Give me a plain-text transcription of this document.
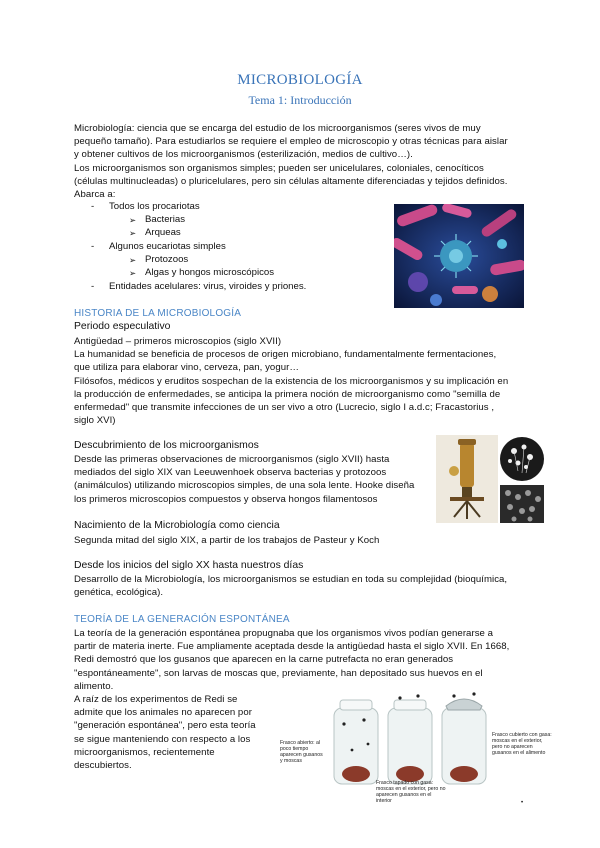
MICROBIOLOGÍA
Tema 1: Introducción
Microbiología: ciencia que se encarga del estudio de los microorganismos (seres vivos de muy
pequeño tamaño). Para estudiarlos se requiere el empleo de microscopio y otras técnicas para aislar
y obtener cultivos de los microorganismos (esterilización, medios de cultivo…).
Los microorganismos son organismos simples; pueden ser unicelulares, coloniales, cenocíticos
(células multinucleadas) o pluricelulares, pero sin células altamente diferenciadas y tejidos definidos.
Abarca a:
- Todos los procariotas
➢ Bacterias
➢ Arqueas
- Algunos eucariotas simples
➢ Protozoos
➢ Algas y hongos microscópicos
- Entidades acelulares: virus, viroides y priones.
HISTORIA DE LA MICROBIOLOGÍA
Periodo especulativo
Antigüedad – primeros microscopios (siglo XVII)
La humanidad se beneficia de procesos de origen microbiano, fundamentalmente fermentaciones,
que utiliza para elaborar vino, cerveza, pan, yogur…
Filósofos, médicos y eruditos sospechan de la existencia de los microorganismos y su implicación en
la producción de enfermedades, se anticipa la primera noción de microorganismo como "semilla de
enfermedad" que transmite infecciones de un ser vivo a otro (Lucrecio, siglo I a.d.c; Fracastorius ,
siglo XVI)
Descubrimiento de los microorganismos
Desde las primeras observaciones de microorganismos (siglo XVII) hasta
mediados del siglo XIX van Leeuwenhoek observa bacterias y protozoos
(animálculos) utilizando microscopios simples, de una sola lente. Hooke diseña
los primeros microscopios compuestos y observa hongos filamentosos
Nacimiento de la Microbiología como ciencia
Segunda mitad del siglo XIX, a partir de los trabajos de Pasteur y Koch
Desde los inicios del siglo XX hasta nuestros días
Desarrollo de la Microbiología, los microorganismos se estudian en toda su complejidad (bioquímica,
genética, ecológica).
TEORÍA DE LA GENERACIÓN ESPONTÁNEA
La teoría de la generación espontánea propugnaba que los organismos vivos podían generarse a
partir de materia inerte. Fue ampliamente aceptada desde la antigüedad hasta el siglo XVII. En 1668,
Redi demostró que los gusanos que aparecen en la carne putrefacta no eran generados
"espontáneamente", son larvas de moscas que, previamente, han depositado sus huevos en el
alimento.
A raíz de los experimentos de Redi se
admite que los animales no aparecen por
"generación espontánea", pero esta teoría
se sigue manteniendo con respecto a los
microorganismos, recientemente
descubiertos.
Frasco abierto: al poco tiempo aparecen gusanos y moscas
Frasco tapado con gasa: moscas en el exterior, pero no aparecen gusanos en el interior
Frasco cubierto con gasa: moscas en el exterior, pero no aparecen gusanos en el alimento
•
